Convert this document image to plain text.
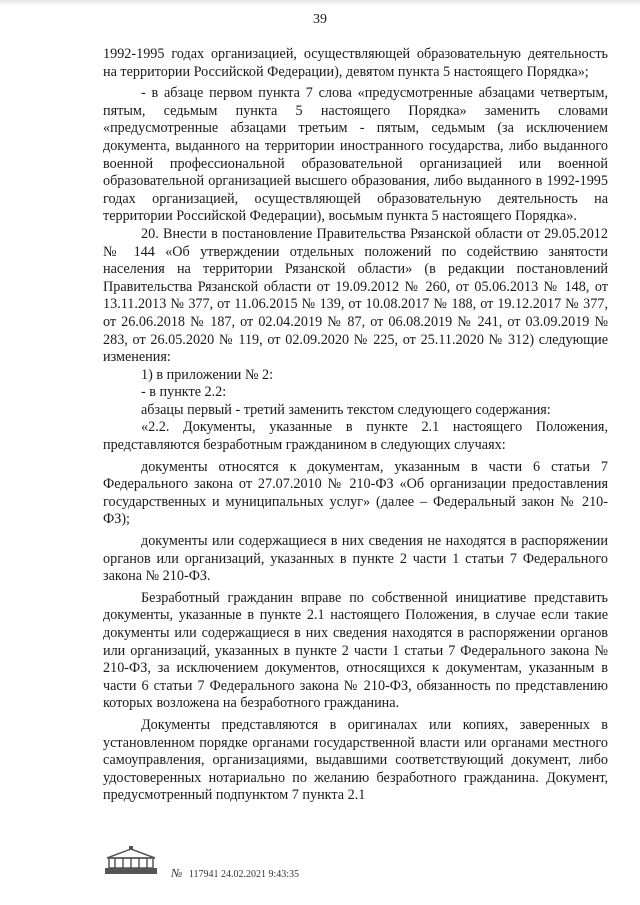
39

1992-1995 годах организацией, осуществляющей образовательную деятельность на территории Российской Федерации), девятом пункта 5 настоящего Порядка»;

- в абзаце первом пункта 7 слова «предусмотренные абзацами четвертым, пятым, седьмым пункта 5 настоящего Порядка» заменить словами «предусмотренные абзацами третьим - пятым, седьмым (за исключением документа, выданного на территории иностранного государства, либо выданного военной профессиональной образовательной организацией или военной образовательной организацией высшего образования, либо выданного в 1992-1995 годах организацией, осуществляющей образовательную деятельность на территории Российской Федерации), восьмым пункта 5 настоящего Порядка».

20. Внести в постановление Правительства Рязанской области от 29.05.2012 № 144 «Об утверждении отдельных положений по содействию занятости населения на территории Рязанской области» (в редакции постановлений Правительства Рязанской области от 19.09.2012 № 260, от 05.06.2013 № 148, от 13.11.2013 № 377, от 11.06.2015 № 139, от 10.08.2017 № 188, от 19.12.2017 № 377, от 26.06.2018 № 187, от 02.04.2019 № 87, от 06.08.2019 № 241, от 03.09.2019 № 283, от 26.05.2020 № 119, от 02.09.2020 № 225, от 25.11.2020 № 312) следующие изменения:

1) в приложении № 2:

- в пункте 2.2:

абзацы первый - третий заменить текстом следующего содержания:

«2.2. Документы, указанные в пункте 2.1 настоящего Положения, представляются безработным гражданином в следующих случаях:

документы относятся к документам, указанным в части 6 статьи 7 Федерального закона от 27.07.2010 № 210-ФЗ «Об организации предоставления государственных и муниципальных услуг» (далее – Федеральный закон № 210-ФЗ);

документы или содержащиеся в них сведения не находятся в распоряжении органов или организаций, указанных в пункте 2 части 1 статьи 7 Федерального закона № 210-ФЗ.

Безработный гражданин вправе по собственной инициативе представить документы, указанные в пункте 2.1 настоящего Положения, в случае если такие документы или содержащиеся в них сведения находятся в распоряжении органов или организаций, указанных в пункте 2 части 1 статьи 7 Федерального закона № 210-ФЗ, за исключением документов, относящихся к документам, указанным в части 6 статьи 7 Федерального закона № 210-ФЗ, обязанность по представлению которых возложена на безработного гражданина.

Документы представляются в оригиналах или копиях, заверенных в установленном порядке органами государственной власти или органами местного самоуправления, организациями, выдавшими соответствующий документ, либо удостоверенных нотариально по желанию безработного гражданина. Документ, предусмотренный подпунктом 7 пункта 2.1

№ 117941 24.02.2021 9:43:35
